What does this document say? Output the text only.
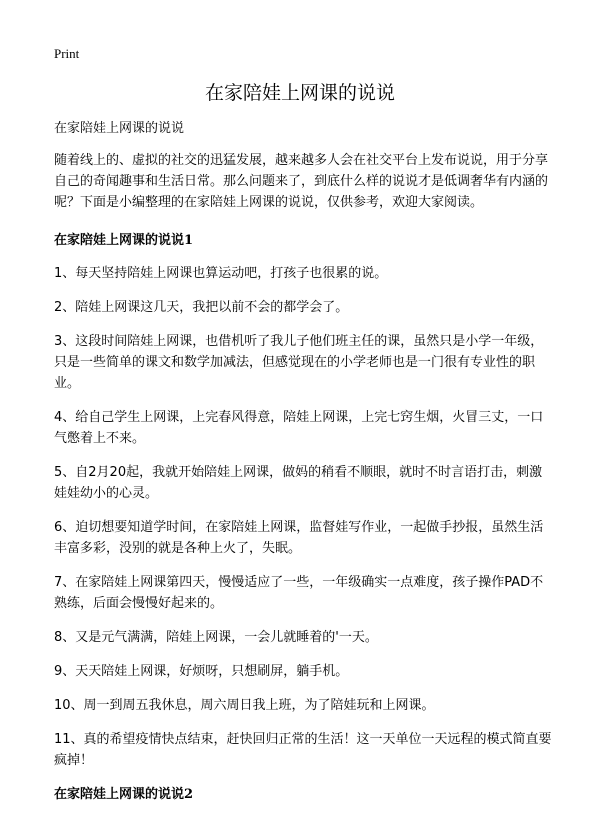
Print
在家陪娃上网课的说说

在家陪娃上网课的说说

随着线上的、虚拟的社交的迅猛发展，越来越多人会在社交平台上发布说说，用于分享自己的奇闻趣事和生活日常。那么问题来了，到底什么样的说说才是低调奢华有内涵的呢？下面是小编整理的在家陪娃上网课的说说，仅供参考，欢迎大家阅读。

在家陪娃上网课的说说1

1、每天坚持陪娃上网课也算运动吧，打孩子也很累的说。

2、陪娃上网课这几天，我把以前不会的都学会了。

3、这段时间陪娃上网课，也借机听了我儿子他们班主任的课，虽然只是小学一年级，只是一些简单的课文和数学加减法，但感觉现在的小学老师也是一门很有专业性的职业。

4、给自己学生上网课，上完春风得意，陪娃上网课，上完七窍生烟，火冒三丈，一口气憋着上不来。

5、自2月20起，我就开始陪娃上网课，做妈的稍看不顺眼，就时不时言语打击，刺激娃娃幼小的心灵。

6、迫切想要知道学时间，在家陪娃上网课，监督娃写作业，一起做手抄报，虽然生活丰富多彩，没别的就是各种上火了，失眠。

7、在家陪娃上网课第四天，慢慢适应了一些，一年级确实一点难度，孩子操作PAD不熟练，后面会慢慢好起来的。

8、又是元气满满，陪娃上网课，一会儿就睡着的'一天。

9、天天陪娃上网课，好烦呀，只想刷屏，躺手机。

10、周一到周五我休息，周六周日我上班，为了陪娃玩和上网课。

11、真的希望疫情快点结束，赶快回归正常的生活！这一天单位一天远程的模式简直要疯掉！

在家陪娃上网课的说说2
